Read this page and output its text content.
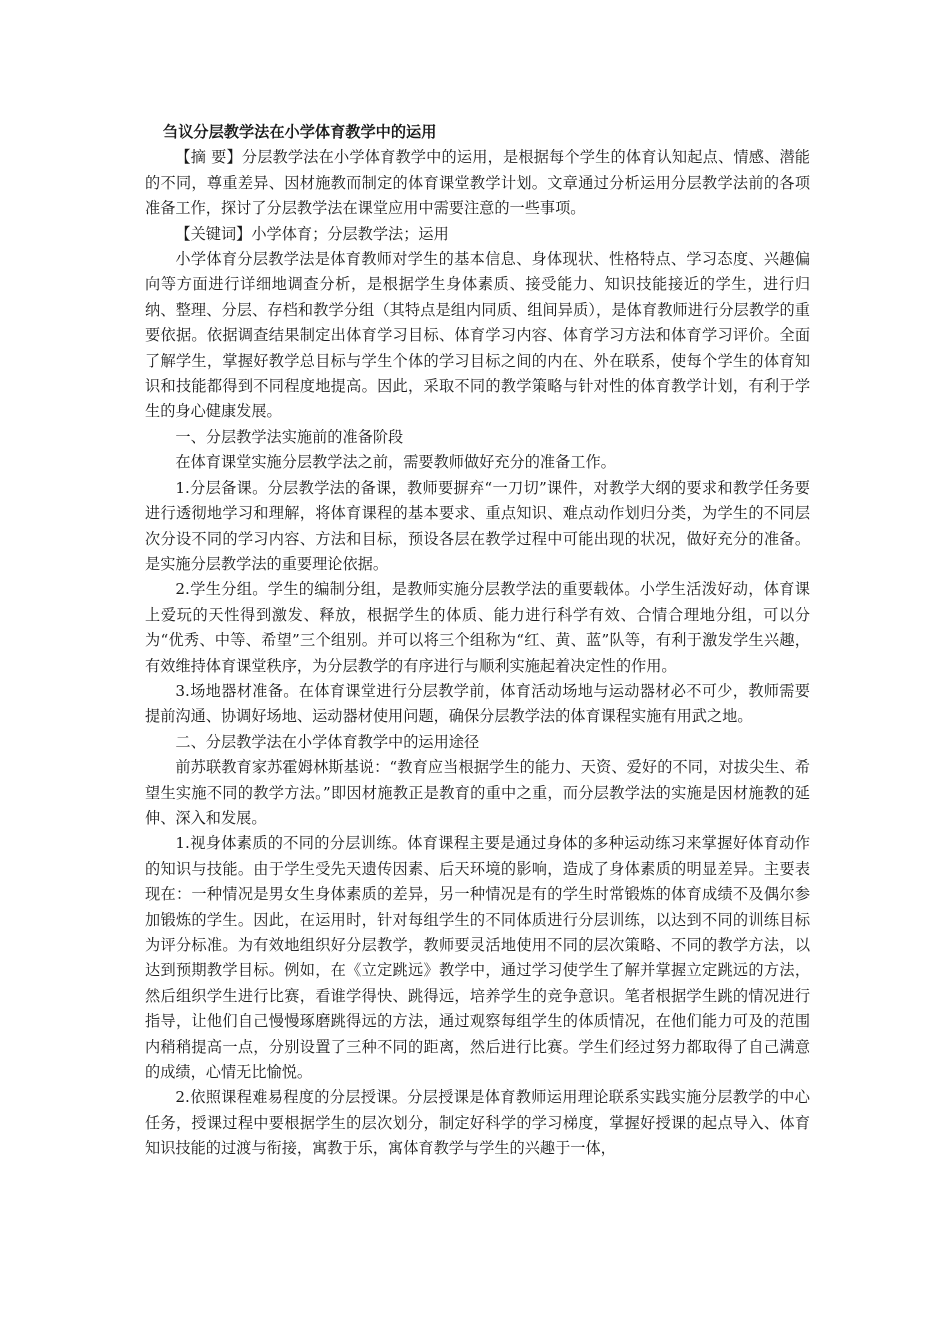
刍议分层教学法在小学体育教学中的运用

【摘 要】分层教学法在小学体育教学中的运用，是根据每个学生的体育认知起点、情感、潜能的不同，尊重差异、因材施教而制定的体育课堂教学计划。文章通过分析运用分层教学法前的各项准备工作，探讨了分层教学法在课堂应用中需要注意的一些事项。

【关键词】小学体育；分层教学法；运用

小学体育分层教学法是体育教师对学生的基本信息、身体现状、性格特点、学习态度、兴趣偏向等方面进行详细地调查分析，是根据学生身体素质、接受能力、知识技能接近的学生，进行归纳、整理、分层、存档和教学分组（其特点是组内同质、组间异质），是体育教师进行分层教学的重要依据。依据调查结果制定出体育学习目标、体育学习内容、体育学习方法和体育学习评价。全面了解学生，掌握好教学总目标与学生个体的学习目标之间的内在、外在联系，使每个学生的体育知识和技能都得到不同程度地提高。因此，采取不同的教学策略与针对性的体育教学计划，有利于学生的身心健康发展。

一、分层教学法实施前的准备阶段

在体育课堂实施分层教学法之前，需要教师做好充分的准备工作。

1.分层备课。分层教学法的备课，教师要摒弃“一刀切”课件，对教学大纲的要求和教学任务要进行透彻地学习和理解，将体育课程的基本要求、重点知识、难点动作划归分类，为学生的不同层次分设不同的学习内容、方法和目标，预设各层在教学过程中可能出现的状况，做好充分的准备。是实施分层教学法的重要理论依据。

2.学生分组。学生的编制分组，是教师实施分层教学法的重要载体。小学生活泼好动，体育课上爱玩的天性得到激发、释放，根据学生的体质、能力进行科学有效、合情合理地分组，可以分为“优秀、中等、希望”三个组别。并可以将三个组称为“红、黄、蓝”队等，有利于激发学生兴趣，有效维持体育课堂秩序，为分层教学的有序进行与顺利实施起着决定性的作用。

3.场地器材准备。在体育课堂进行分层教学前，体育活动场地与运动器材必不可少，教师需要提前沟通、协调好场地、运动器材使用问题，确保分层教学法的体育课程实施有用武之地。

二、分层教学法在小学体育教学中的运用途径

前苏联教育家苏霍姆林斯基说：“教育应当根据学生的能力、天资、爱好的不同，对拔尖生、希望生实施不同的教学方法。”即因材施教正是教育的重中之重，而分层教学法的实施是因材施教的延伸、深入和发展。

1.视身体素质的不同的分层训练。体育课程主要是通过身体的多种运动练习来掌握好体育动作的知识与技能。由于学生受先天遗传因素、后天环境的影响，造成了身体素质的明显差异。主要表现在：一种情况是男女生身体素质的差异，另一种情况是有的学生时常锻炼的体育成绩不及偶尔参加锻炼的学生。因此，在运用时，针对每组学生的不同体质进行分层训练，以达到不同的训练目标为评分标准。为有效地组织好分层教学，教师要灵活地使用不同的层次策略、不同的教学方法，以达到预期教学目标。例如，在《立定跳远》教学中，通过学习使学生了解并掌握立定跳远的方法，然后组织学生进行比赛，看谁学得快、跳得远，培养学生的竞争意识。笔者根据学生跳的情况进行指导，让他们自己慢慢琢磨跳得远的方法，通过观察每组学生的体质情况，在他们能力可及的范围内稍稍提高一点，分别设置了三种不同的距离，然后进行比赛。学生们经过努力都取得了自己满意的成绩，心情无比愉悦。

2.依照课程难易程度的分层授课。分层授课是体育教师运用理论联系实践实施分层教学的中心任务，授课过程中要根据学生的层次划分，制定好科学的学习梯度，掌握好授课的起点导入、体育知识技能的过渡与衔接，寓教于乐，寓体育教学与学生的兴趣于一体，
